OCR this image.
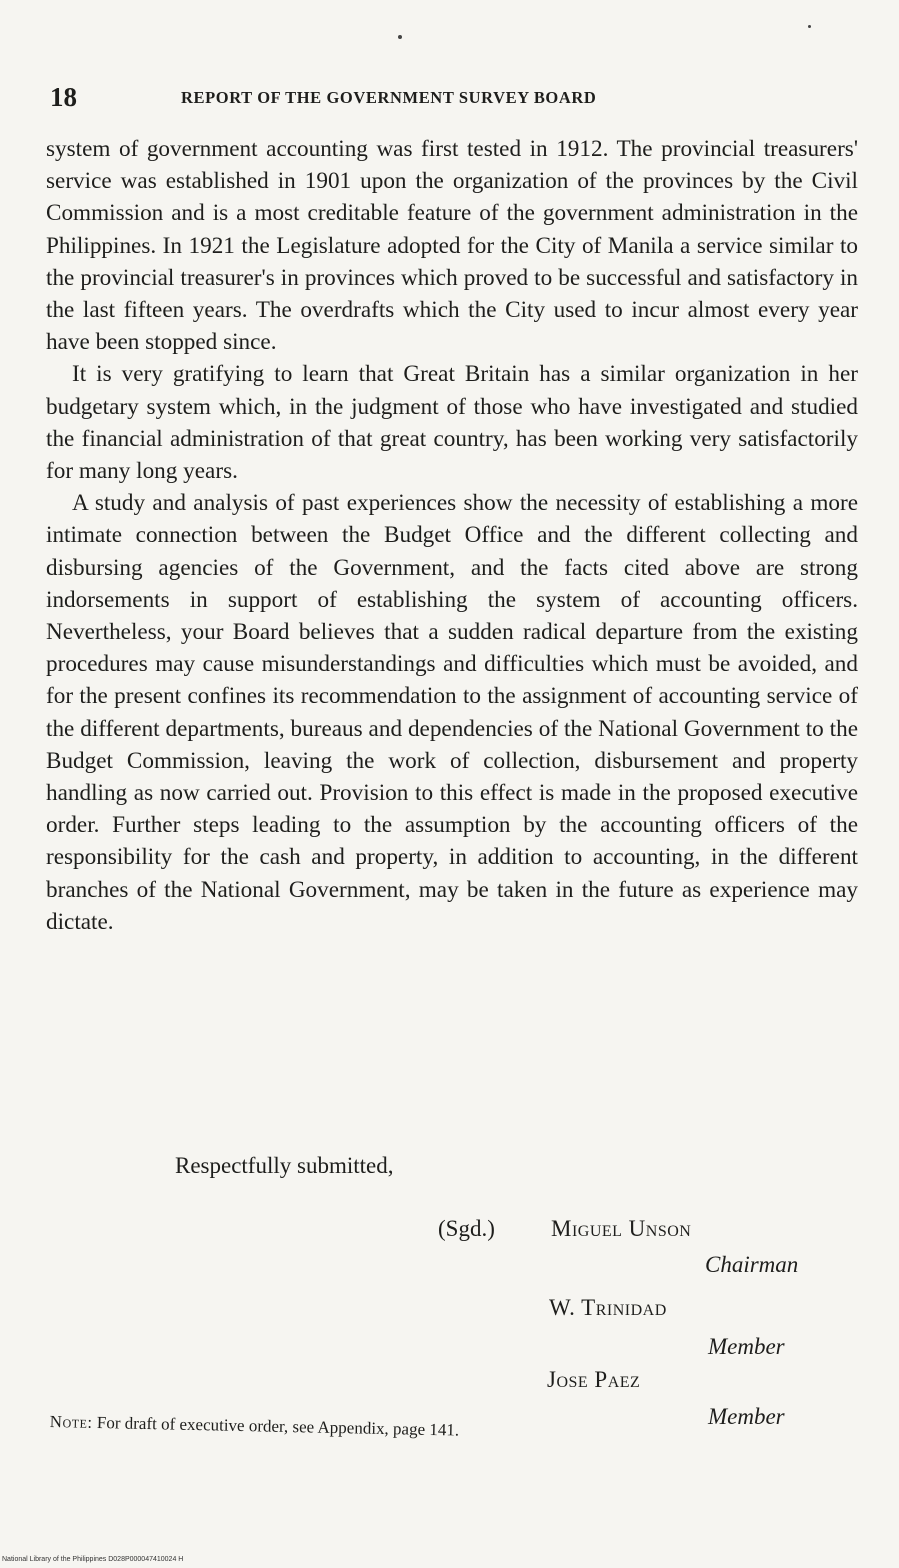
18	REPORT OF THE GOVERNMENT SURVEY BOARD

system of government accounting was first tested in 1912. The provincial treasurers' service was established in 1901 upon the organization of the provinces by the Civil Commission and is a most creditable feature of the government administration in the Philippines. In 1921 the Legislature adopted for the City of Manila a service similar to the provincial treasurer's in provinces which proved to be successful and satisfactory in the last fifteen years. The overdrafts which the City used to incur almost every year have been stopped since.

It is very gratifying to learn that Great Britain has a similar organization in her budgetary system which, in the judgment of those who have investigated and studied the financial administration of that great country, has been working very satisfactorily for many long years.

A study and analysis of past experiences show the necessity of establishing a more intimate connection between the Budget Office and the different collecting and disbursing agencies of the Government, and the facts cited above are strong indorsements in support of establishing the system of accounting officers. Nevertheless, your Board believes that a sudden radical departure from the existing procedures may cause misunderstandings and difficulties which must be avoided, and for the present confines its recommendation to the assignment of accounting service of the different departments, bureaus and dependencies of the National Government to the Budget Commission, leaving the work of collection, disbursement and property handling as now carried out. Provision to this effect is made in the proposed executive order. Further steps leading to the assumption by the accounting officers of the responsibility for the cash and property, in addition to accounting, in the different branches of the National Government, may be taken in the future as experience may dictate.

Respectfully submitted,
(Sgd.) Miguel Unson
Chairman
W. Trinidad
Member
Jose Paez
Member
Note: For draft of executive order, see Appendix, page 141.
National Library of the Philippines D028P000047410024 H
